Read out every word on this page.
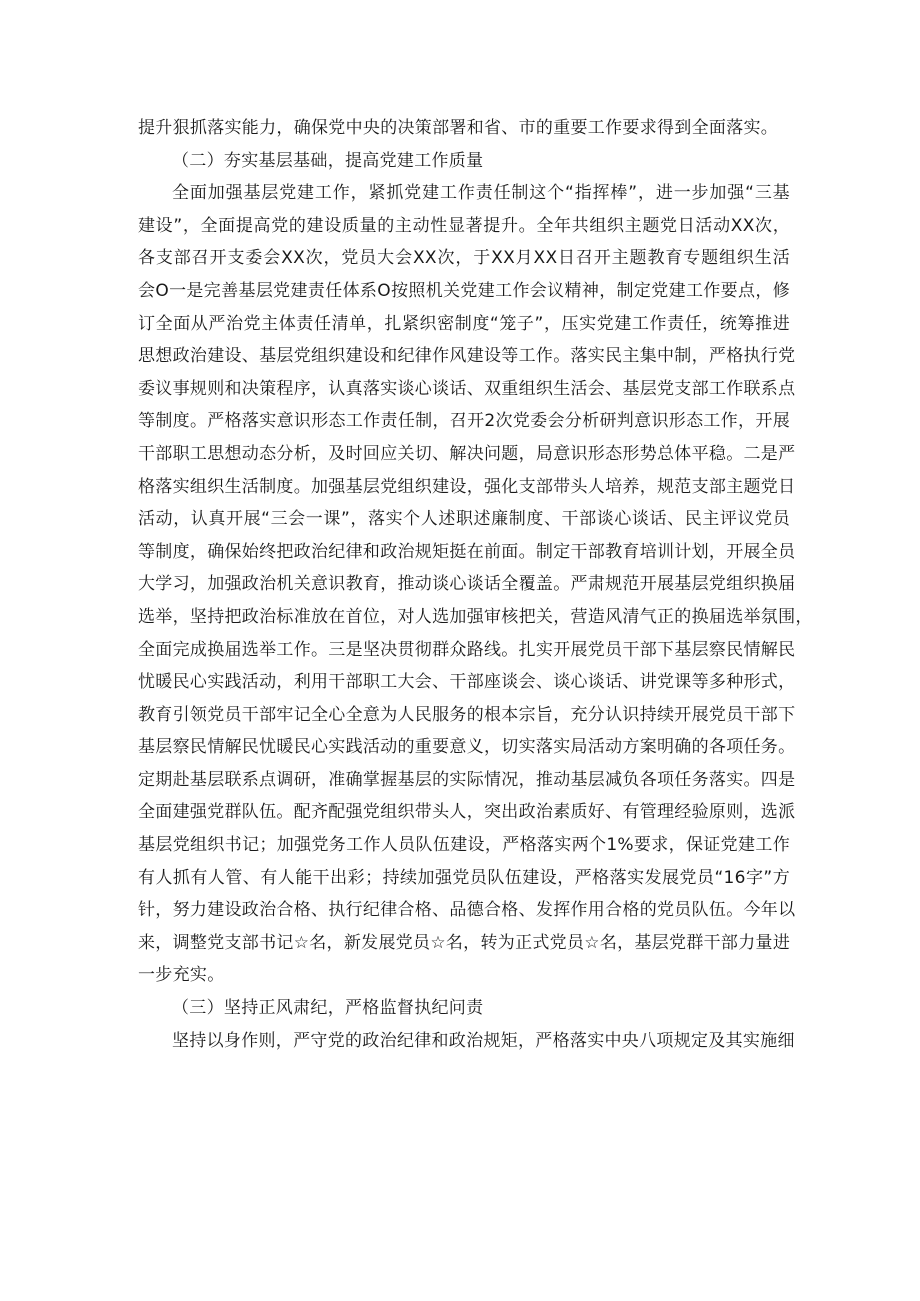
提升狠抓落实能力，确保党中央的决策部署和省、市的重要工作要求得到全面落实。
（二）夯实基层基础，提高党建工作质量
全面加强基层党建工作，紧抓党建工作责任制这个“指挥棒”，进一步加强“三基
建设”，全面提高党的建设质量的主动性显著提升。全年共组织主题党日活动XX次，
各支部召开支委会XX次，党员大会XX次，于XX月XX日召开主题教育专题组织生活
会O一是完善基层党建责任体系O按照机关党建工作会议精神，制定党建工作要点，修
订全面从严治党主体责任清单，扎紧织密制度“笼子”，压实党建工作责任，统筹推进
思想政治建设、基层党组织建设和纪律作风建设等工作。落实民主集中制，严格执行党
委议事规则和决策程序，认真落实谈心谈话、双重组织生活会、基层党支部工作联系点
等制度。严格落实意识形态工作责任制，召开2次党委会分析研判意识形态工作，开展
干部职工思想动态分析，及时回应关切、解决问题，局意识形态形势总体平稳。二是严
格落实组织生活制度。加强基层党组织建设，强化支部带头人培养，规范支部主题党日
活动，认真开展“三会一课”，落实个人述职述廉制度、干部谈心谈话、民主评议党员
等制度，确保始终把政治纪律和政治规矩挺在前面。制定干部教育培训计划，开展全员
大学习，加强政治机关意识教育，推动谈心谈话全覆盖。严肃规范开展基层党组织换届
选举，坚持把政治标准放在首位，对人选加强审核把关，营造风清气正的换届选举氛围，
全面完成换届选举工作。三是坚决贯彻群众路线。扎实开展党员干部下基层察民情解民
忧暖民心实践活动，利用干部职工大会、干部座谈会、谈心谈话、讲党课等多种形式，
教育引领党员干部牢记全心全意为人民服务的根本宗旨，充分认识持续开展党员干部下
基层察民情解民忧暖民心实践活动的重要意义，切实落实局活动方案明确的各项任务。
定期赴基层联系点调研，准确掌握基层的实际情况，推动基层减负各项任务落实。四是
全面建强党群队伍。配齐配强党组织带头人，突出政治素质好、有管理经验原则，选派
基层党组织书记；加强党务工作人员队伍建设，严格落实两个1%要求，保证党建工作
有人抓有人管、有人能干出彩；持续加强党员队伍建设，严格落实发展党员“16字”方
针，努力建设政治合格、执行纪律合格、品德合格、发挥作用合格的党员队伍。今年以
来，调整党支部书记☆名，新发展党员☆名，转为正式党员☆名，基层党群干部力量进
一步充实。
（三）坚持正风肃纪，严格监督执纪问责
坚持以身作则，严守党的政治纪律和政治规矩，严格落实中央八项规定及其实施细
